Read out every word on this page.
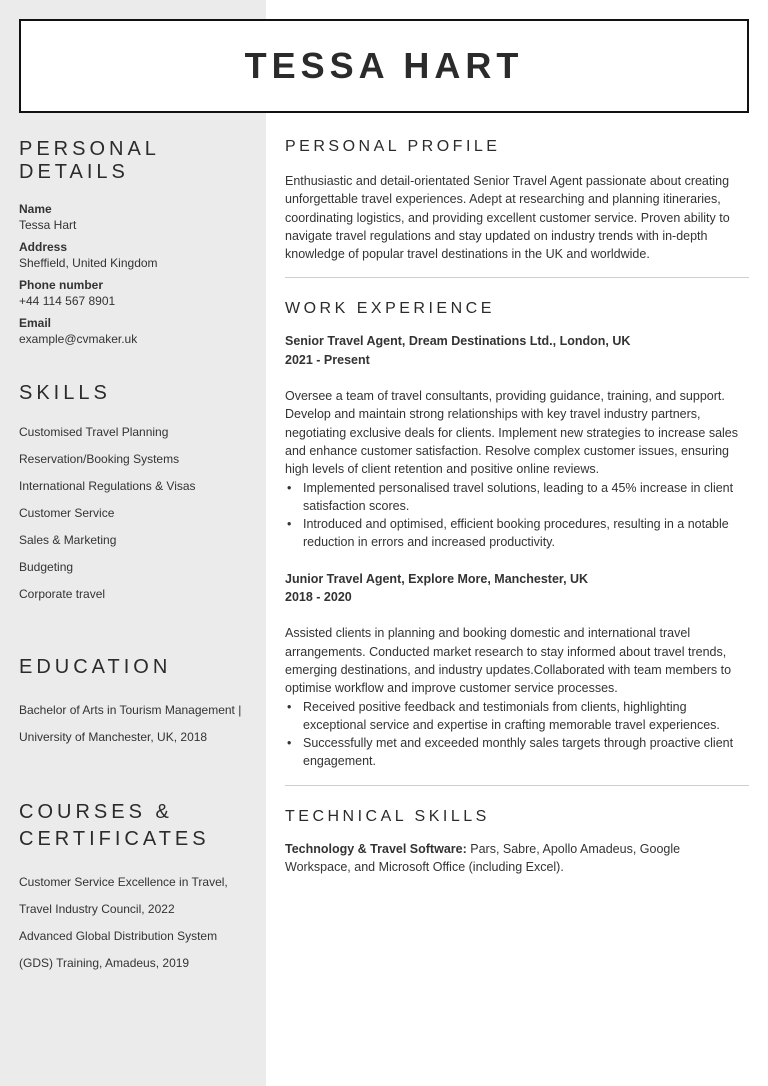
TESSA HART
PERSONAL DETAILS
Name
Tessa Hart
Address
Sheffield, United Kingdom
Phone number
+44 114 567 8901
Email
example@cvmaker.uk
SKILLS
Customised Travel Planning
Reservation/Booking Systems
International Regulations & Visas
Customer Service
Sales & Marketing
Budgeting
Corporate travel
EDUCATION
Bachelor of Arts in Tourism Management | University of Manchester, UK, 2018
COURSES & CERTIFICATES
Customer Service Excellence in Travel, Travel Industry Council, 2022
Advanced Global Distribution System (GDS) Training, Amadeus, 2019
PERSONAL PROFILE

Enthusiastic and detail-orientated Senior Travel Agent passionate about creating unforgettable travel experiences. Adept at researching and planning itineraries, coordinating logistics, and providing excellent customer service. Proven ability to navigate travel regulations and stay updated on industry trends with in-depth knowledge of popular travel destinations in the UK and worldwide.

WORK EXPERIENCE
Senior Travel Agent, Dream Destinations Ltd., London, UK
2021 - Present

Oversee a team of travel consultants, providing guidance, training, and support. Develop and maintain strong relationships with key travel industry partners, negotiating exclusive deals for clients. Implement new strategies to increase sales and enhance customer satisfaction. Resolve complex customer issues, ensuring high levels of client retention and positive online reviews.

• Implemented personalised travel solutions, leading to a 45% increase in client satisfaction scores.
• Introduced and optimised, efficient booking procedures, resulting in a notable reduction in errors and increased productivity.
Junior Travel Agent, Explore More, Manchester, UK
2018 - 2020

Assisted clients in planning and booking domestic and international travel arrangements. Conducted market research to stay informed about travel trends, emerging destinations, and industry updates.Collaborated with team members to optimise workflow and improve customer service processes.

• Received positive feedback and testimonials from clients, highlighting exceptional service and expertise in crafting memorable travel experiences.
• Successfully met and exceeded monthly sales targets through proactive client engagement.
TECHNICAL SKILLS

Technology & Travel Software: Pars, Sabre, Apollo Amadeus, Google Workspace, and Microsoft Office (including Excel).
